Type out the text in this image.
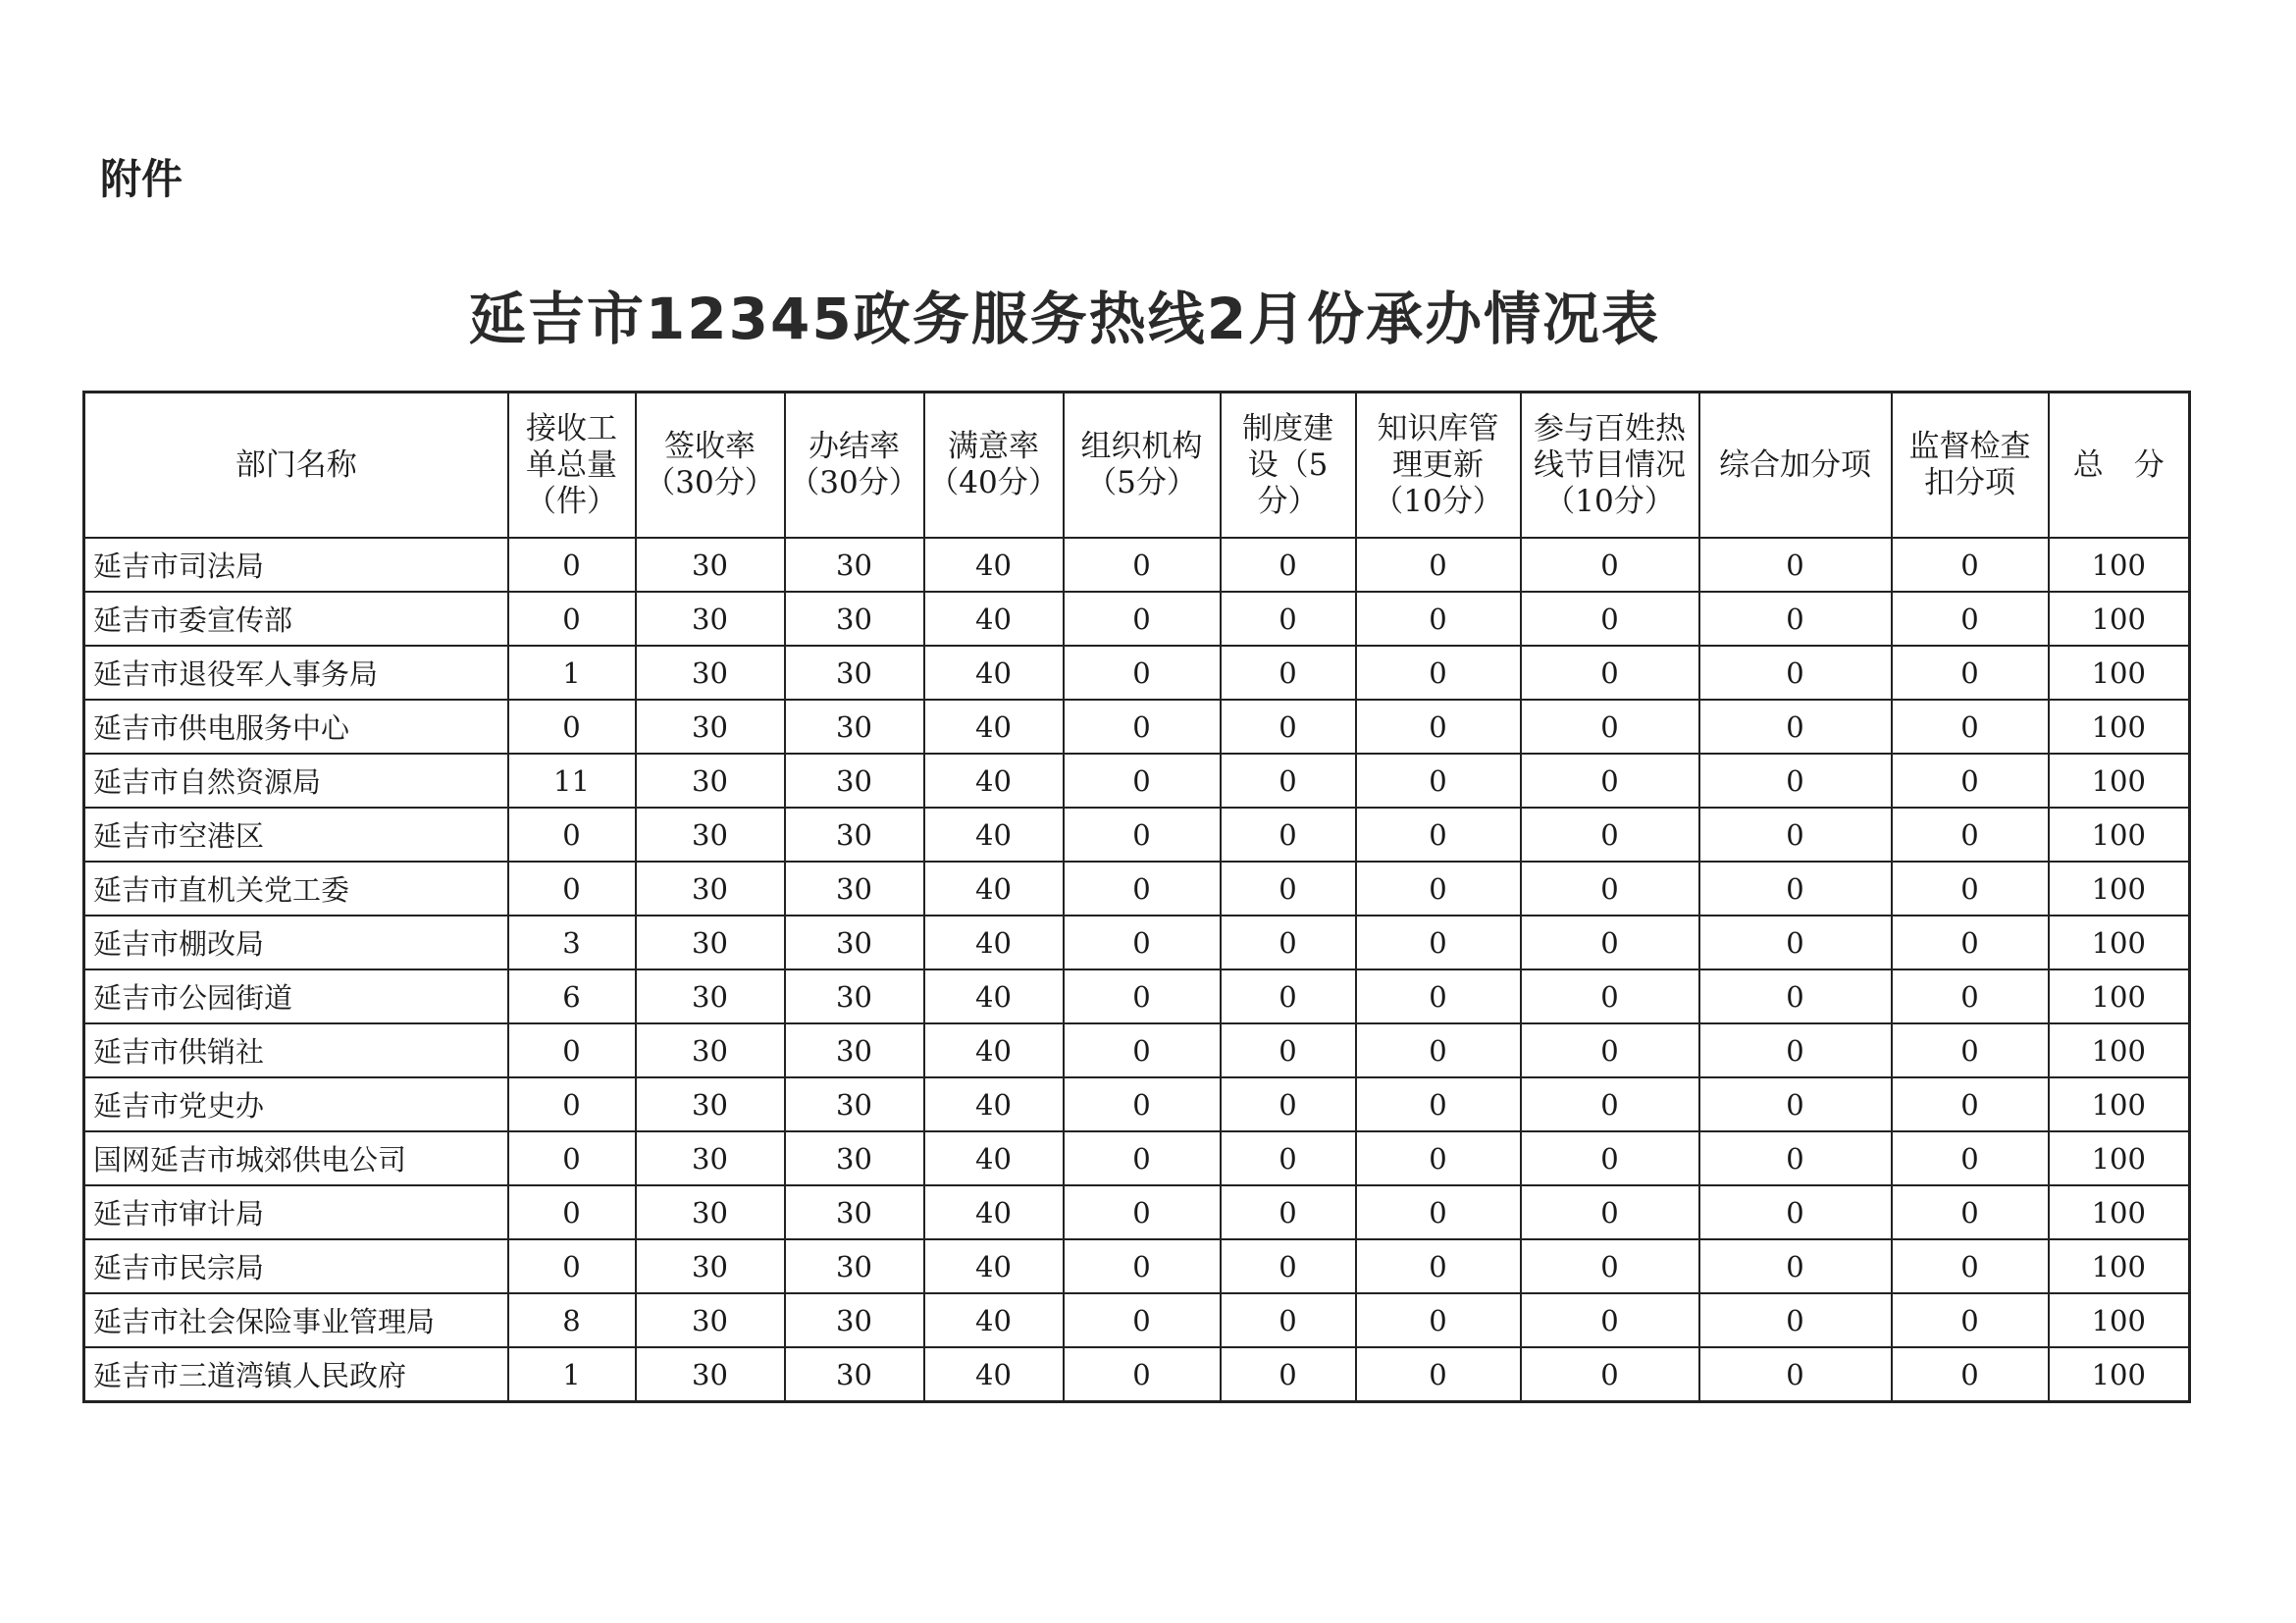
附件
延吉市12345政务服务热线2月份承办情况表
部门名称	接收工
单总量
（件）	签收率
（30分）	办结率
（30分）	满意率
（40分）	组织机构
（5分）	制度建
设（5
分）	知识库管
理更新
（10分）	参与百姓热
线节目情况
（10分）	综合加分项	监督检查
扣分项	总　分

延吉市司法局	0	30	30	40	0	0	0	0	0	0	100
延吉市委宣传部	0	30	30	40	0	0	0	0	0	0	100
延吉市退役军人事务局	1	30	30	40	0	0	0	0	0	0	100
延吉市供电服务中心	0	30	30	40	0	0	0	0	0	0	100
延吉市自然资源局	11	30	30	40	0	0	0	0	0	0	100
延吉市空港区	0	30	30	40	0	0	0	0	0	0	100
延吉市直机关党工委	0	30	30	40	0	0	0	0	0	0	100
延吉市棚改局	3	30	30	40	0	0	0	0	0	0	100
延吉市公园街道	6	30	30	40	0	0	0	0	0	0	100
延吉市供销社	0	30	30	40	0	0	0	0	0	0	100
延吉市党史办	0	30	30	40	0	0	0	0	0	0	100
国网延吉市城郊供电公司	0	30	30	40	0	0	0	0	0	0	100
延吉市审计局	0	30	30	40	0	0	0	0	0	0	100
延吉市民宗局	0	30	30	40	0	0	0	0	0	0	100
延吉市社会保险事业管理局	8	30	30	40	0	0	0	0	0	0	100
延吉市三道湾镇人民政府	1	30	30	40	0	0	0	0	0	0	100
